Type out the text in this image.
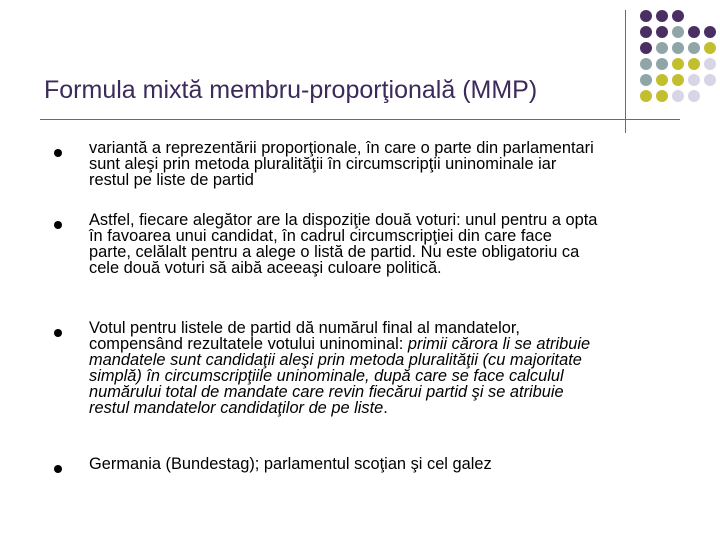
Formula mixtă membru-proporţională (MMP)
variantă a reprezentării proporţionale, în care o parte din parlamentari
sunt aleşi prin metoda pluralităţii în circumscripţii uninominale iar
restul pe liste de partid
Astfel, fiecare alegător are la dispoziţie două voturi: unul pentru a opta
în favoarea unui candidat, în cadrul circumscripţiei din care face
parte, celălalt pentru a alege o listă de partid. Nu este obligatoriu ca
cele două voturi să aibă aceeaşi culoare politică.
Votul pentru listele de partid dă numărul final al mandatelor,
compensând rezultatele votului uninominal: primii cărora li se atribuie
mandatele sunt candidaţii aleşi prin metoda pluralităţii (cu majoritate
simplă) în circumscripţiile uninominale, după care se face calculul
numărului total de mandate care revin fiecărui partid şi se atribuie
restul mandatelor candidaţilor de pe liste.
Germania (Bundestag); parlamentul scoţian şi cel galez
